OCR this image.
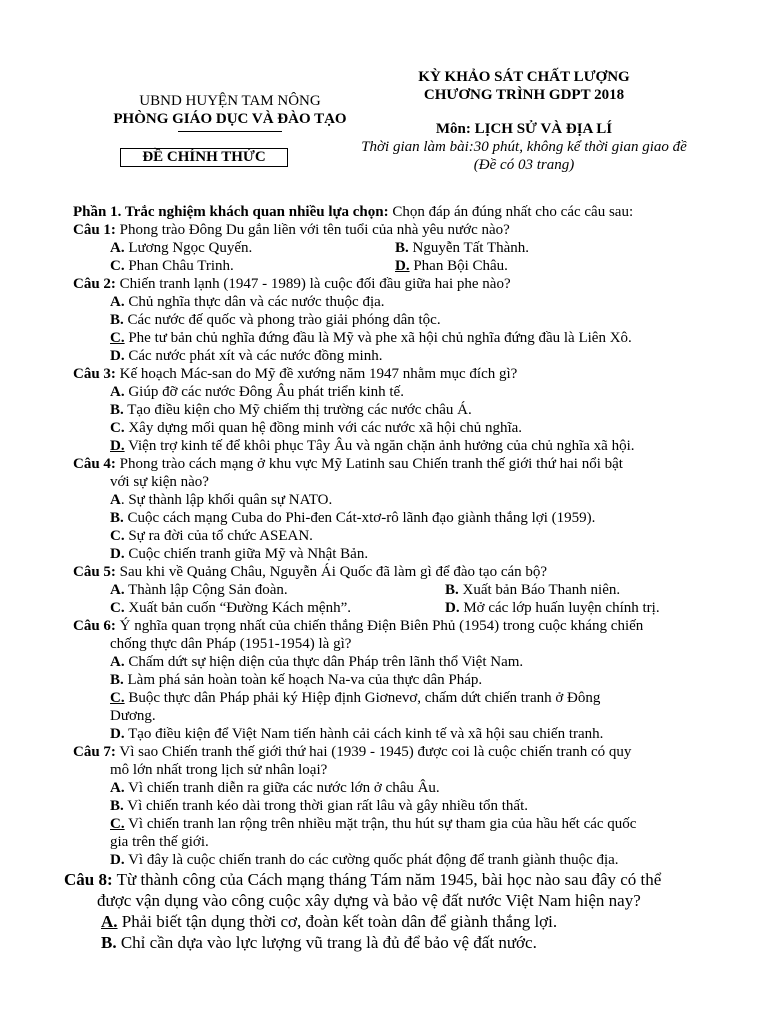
UBND HUYỆN TAM NÔNG
PHÒNG GIÁO DỤC VÀ ĐÀO TẠO
ĐỀ CHÍNH THỨC
KỲ KHẢO SÁT CHẤT LƯỢNG
CHƯƠNG TRÌNH GDPT 2018
Môn: LỊCH SỬ VÀ ĐỊA LÍ
Thời gian làm bài:30 phút, không kể thời gian giao đề
(Đề có 03 trang)
Phần 1. Trắc nghiệm khách quan nhiều lựa chọn: Chọn đáp án đúng nhất cho các câu sau:
Câu 1: Phong trào Đông Du gắn liền với tên tuổi của nhà yêu nước nào?
A. Lương Ngọc Quyến.	B. Nguyễn Tất Thành.
C. Phan Châu Trinh.	D. Phan Bội Châu.
Câu 2: Chiến tranh lạnh (1947 - 1989) là cuộc đối đầu giữa hai phe nào?
A. Chủ nghĩa thực dân và các nước thuộc địa.
B. Các nước đế quốc và phong trào giải phóng dân tộc.
C. Phe tư bản chủ nghĩa đứng đầu là Mỹ và phe xã hội chủ nghĩa đứng đầu là Liên Xô.
D. Các nước phát xít và các nước đồng minh.
Câu 3: Kế hoạch Mác-san do Mỹ đề xướng năm 1947 nhằm mục đích gì?
A. Giúp đỡ các nước Đông Âu phát triển kinh tế.
B. Tạo điều kiện cho Mỹ chiếm thị trường các nước châu Á.
C. Xây dựng mối quan hệ đồng minh với các nước xã hội chủ nghĩa.
D. Viện trợ kinh tế để khôi phục Tây Âu và ngăn chặn ảnh hưởng của chủ nghĩa xã hội.
Câu 4: Phong trào cách mạng ở khu vực Mỹ Latinh sau Chiến tranh thế giới thứ hai nổi bật
với sự kiện nào?
A. Sự thành lập khối quân sự NATO.
B. Cuộc cách mạng Cuba do Phi-đen Cát-xtơ-rô lãnh đạo giành thắng lợi (1959).
C. Sự ra đời của tổ chức ASEAN.
D. Cuộc chiến tranh giữa Mỹ và Nhật Bản.
Câu 5: Sau khi về Quảng Châu, Nguyễn Ái Quốc đã làm gì để đào tạo cán bộ?
A. Thành lập Cộng Sản đoàn.	B. Xuất bản Báo Thanh niên.
C. Xuất bản cuốn “Đường Kách mệnh”.	D. Mở các lớp huấn luyện chính trị.
Câu 6: Ý nghĩa quan trọng nhất của chiến thắng Điện Biên Phủ (1954) trong cuộc kháng chiến
chống thực dân Pháp (1951-1954) là gì?
A. Chấm dứt sự hiện diện của thực dân Pháp trên lãnh thổ Việt Nam.
B. Làm phá sản hoàn toàn kế hoạch Na-va của thực dân Pháp.
C. Buộc thực dân Pháp phải ký Hiệp định Giơnevơ, chấm dứt chiến tranh ở Đông
Dương.
D. Tạo điều kiện để Việt Nam tiến hành cải cách kinh tế và xã hội sau chiến tranh.
Câu 7: Vì sao Chiến tranh thế giới thứ hai (1939 - 1945) được coi là cuộc chiến tranh có quy
mô lớn nhất trong lịch sử nhân loại?
A. Vì chiến tranh diễn ra giữa các nước lớn ở châu Âu.
B. Vì chiến tranh kéo dài trong thời gian rất lâu và gây nhiều tổn thất.
C. Vì chiến tranh lan rộng trên nhiều mặt trận, thu hút sự tham gia của hầu hết các quốc
gia trên thế giới.
D. Vì đây là cuộc chiến tranh do các cường quốc phát động để tranh giành thuộc địa.
Câu 8: Từ thành công của Cách mạng tháng Tám năm 1945, bài học nào sau đây có thể
được vận dụng vào công cuộc xây dựng và bảo vệ đất nước Việt Nam hiện nay?
A. Phải biết tận dụng thời cơ, đoàn kết toàn dân để giành thắng lợi.
B. Chỉ cần dựa vào lực lượng vũ trang là đủ để bảo vệ đất nước.
